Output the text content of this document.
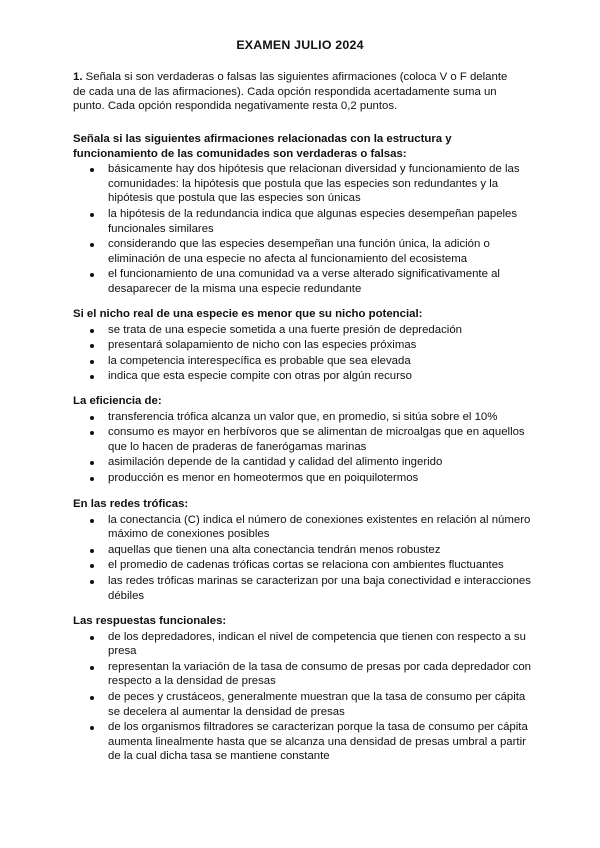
EXAMEN JULIO 2024
1. Señala si son verdaderas o falsas las siguientes afirmaciones (coloca V o F delante de cada una de las afirmaciones). Cada opción respondida acertadamente suma un punto. Cada opción respondida negativamente resta 0,2 puntos.
Señala si las siguientes afirmaciones relacionadas con la estructura y funcionamiento de las comunidades son verdaderas o falsas:
básicamente hay dos hipótesis que relacionan diversidad y funcionamiento de las comunidades: la hipótesis que postula que las especies son redundantes y la hipótesis que postula que las especies son únicas
la hipótesis de la redundancia indica que algunas especies desempeñan papeles funcionales similares
considerando que las especies desempeñan una función única, la adición o eliminación de una especie no afecta al funcionamiento del ecosistema
el funcionamiento de una comunidad va a verse alterado significativamente al desaparecer de la misma una especie redundante
Si el nicho real de una especie es menor que su nicho potencial:
se trata de una especie sometida a una fuerte presión de depredación
presentará solapamiento de nicho con las especies próximas
la competencia interespecífica es probable que sea elevada
indica que esta especie compite con otras por algún recurso
La eficiencia de:
transferencia trófica alcanza un valor que, en promedio, si sitúa sobre el 10%
consumo es mayor en herbívoros que se alimentan de microalgas que en aquellos que lo hacen de praderas de fanerógamas marinas
asimilación depende de la cantidad y calidad del alimento ingerido
producción es menor en homeotermos que en poiquilotermos
En las redes tróficas:
la conectancia (C) indica el número de conexiones existentes en relación al número máximo de conexiones posibles
aquellas que tienen una alta conectancia tendrán menos robustez
el promedio de cadenas tróficas cortas se relaciona con ambientes fluctuantes
las redes tróficas marinas se caracterizan por una baja conectividad e interacciones débiles
Las respuestas funcionales:
de los depredadores, indican el nivel de competencia que tienen con respecto a su presa
representan la variación de la tasa de consumo de presas por cada depredador con respecto a la densidad de presas
de peces y crustáceos, generalmente muestran que la tasa de consumo per cápita se decelera al aumentar la densidad de presas
de los organismos filtradores se caracterizan porque la tasa de consumo per cápita aumenta linealmente hasta que se alcanza una densidad de presas umbral a partir de la cual dicha tasa se mantiene constante
